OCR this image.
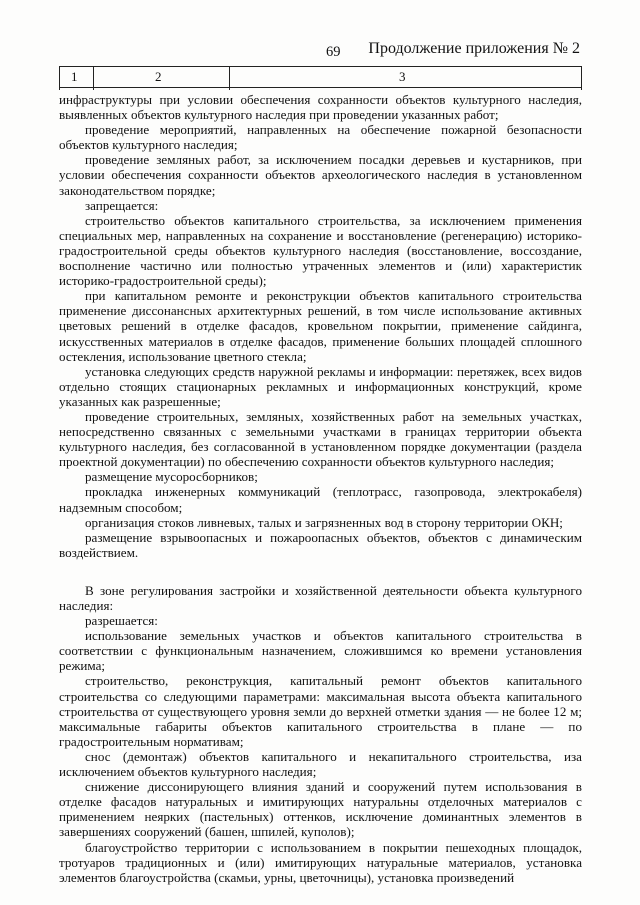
69 Продолжение приложения № 2
1	2	3

инфраструктуры при условии обеспечения сохранности объектов культурного наследия, выявленных объектов культурного наследия при проведении указанных работ;

проведение мероприятий, направленных на обеспечение пожарной безопасности объектов культурного наследия;

проведение земляных работ, за исключением посадки деревьев и кустарников, при условии обеспечения сохранности объектов археологического наследия в установленном законодательством порядке;

запрещается:

строительство объектов капитального строительства, за исключением применения специальных мер, направленных на сохранение и восстановление (регенерацию) историко-градостроительной среды объектов культурного наследия (восстановление, воссоздание, восполнение частично или полностью утраченных элементов и (или) характеристик историко-градостроительной среды);

при капитальном ремонте и реконструкции объектов капитального строительства применение диссонансных архитектурных решений, в том числе использование активных цветовых решений в отделке фасадов, кровельном покрытии, применение сайдинга, искусственных материалов в отделке фасадов, применение больших площадей сплошного остекления, использование цветного стекла;

установка следующих средств наружной рекламы и информации: перетяжек, всех видов отдельно стоящих стационарных рекламных и информационных конструкций, кроме указанных как разрешенные;

проведение строительных, земляных, хозяйственных работ на земельных участках, непосредственно связанных с земельными участками в границах территории объекта культурного наследия, без согласованной в установленном порядке документации (раздела проектной документации) по обеспечению сохранности объектов культурного наследия;

размещение мусоросборников;

прокладка инженерных коммуникаций (теплотрасс, газопровода, электрокабеля) надземным способом;

организация стоков ливневых, талых и загрязненных вод в сторону территории ОКН;

размещение взрывоопасных и пожароопасных объектов, объектов с динамическим воздействием.

В зоне регулирования застройки и хозяйственной деятельности объекта культурного наследия:

разрешается:

использование земельных участков и объектов капитального строительства в соответствии с функциональным назначением, сложившимся ко времени установления режима;

строительство, реконструкция, капитальный ремонт объектов капитального строительства со следующими параметрами: максимальная высота объекта капитального строительства от существующего уровня земли до верхней отметки здания — не более 12 м; максимальные габариты объектов капитального строительства в плане — по градостроительным нормативам;

снос (демонтаж) объектов капитального и некапитального строительства, иза исключением объектов культурного наследия;

снижение диссонирующего влияния зданий и сооружений путем использования в отделке фасадов натуральных и имитирующих натуральны отделочных материалов с применением неярких (пастельных) оттенков, исключение доминантных элементов в завершениях сооружений (башен, шпилей, куполов);

благоустройство территории с использованием в покрытии пешеходных площадок, тротуаров традиционных и (или) имитирующих натуральные материалов, установка элементов благоустройства (скамьи, урны, цветочницы), установка произведений
